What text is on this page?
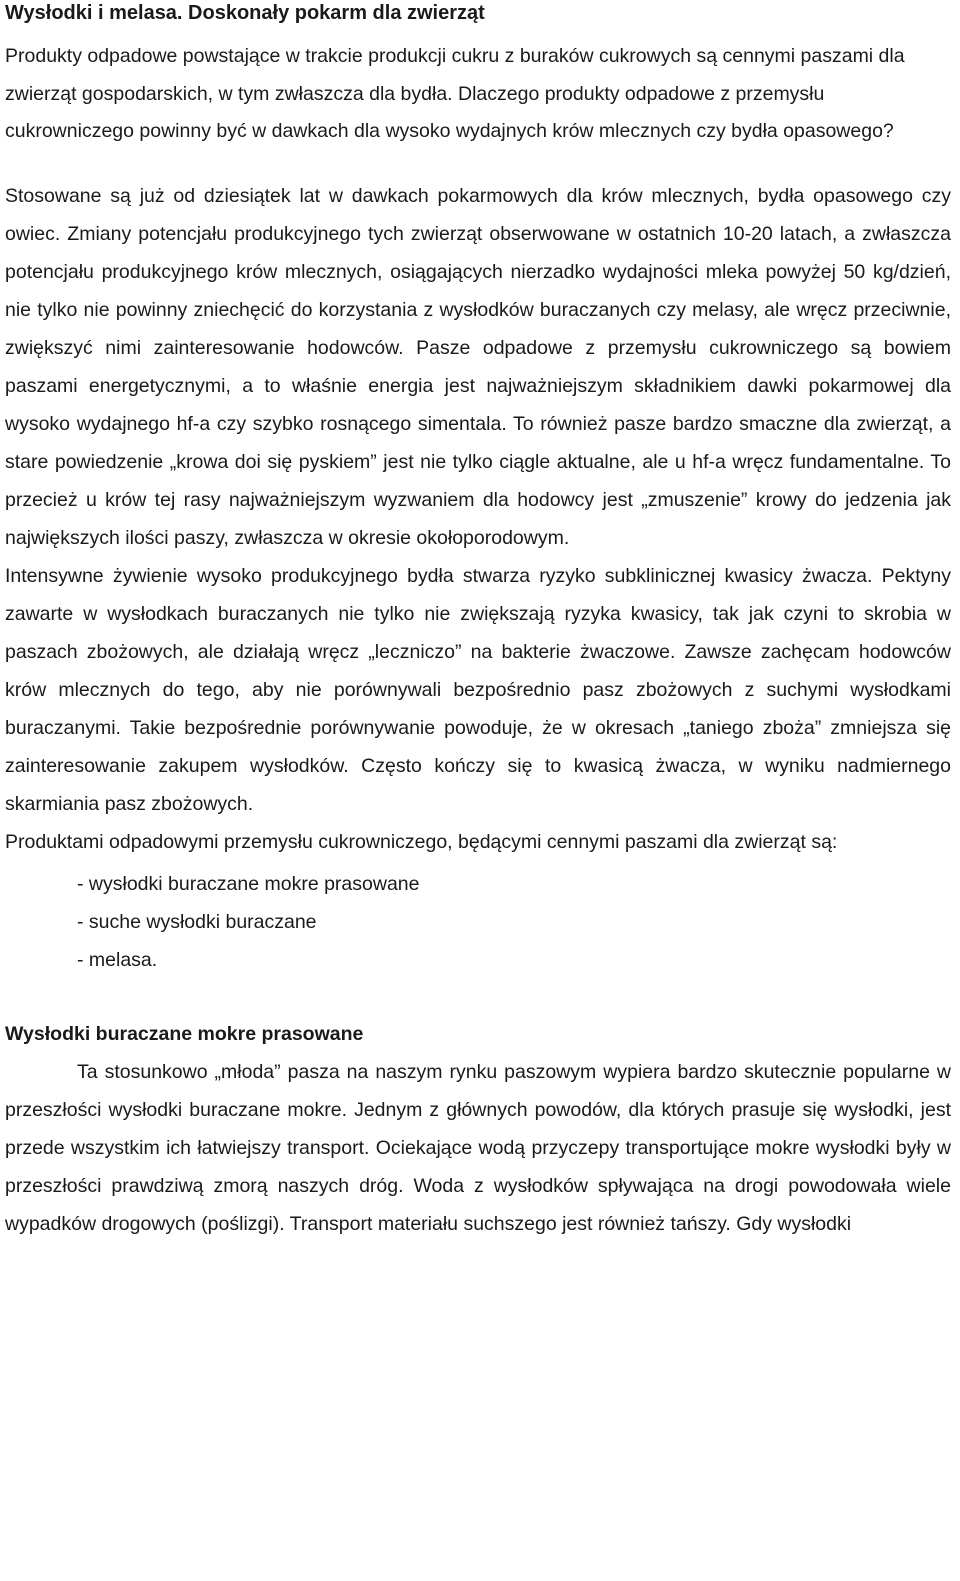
Wysłodki i melasa. Doskonały pokarm dla zwierząt

Produkty odpadowe powstające w trakcie produkcji cukru z buraków cukrowych są cennymi paszami dla zwierząt gospodarskich, w tym zwłaszcza dla bydła. Dlaczego produkty odpadowe z przemysłu cukrowniczego powinny być w dawkach dla wysoko wydajnych krów mlecznych czy bydła opasowego?

Stosowane są już od dziesiątek lat w dawkach pokarmowych dla krów mlecznych, bydła opasowego czy owiec. Zmiany potencjału produkcyjnego tych zwierząt obserwowane w ostatnich 10-20 latach, a zwłaszcza potencjału produkcyjnego krów mlecznych, osiągających nierzadko wydajności mleka powyżej 50 kg/dzień, nie tylko nie powinny zniechęcić do korzystania z wysłodków buraczanych czy melasy, ale wręcz przeciwnie, zwiększyć nimi zainteresowanie hodowców. Pasze odpadowe z przemysłu cukrowniczego są bowiem paszami energetycznymi, a to właśnie energia jest najważniejszym składnikiem dawki pokarmowej dla wysoko wydajnego hf-a czy szybko rosnącego simentala. To również pasze bardzo smaczne dla zwierząt, a stare powiedzenie „krowa doi się pyskiem” jest nie tylko ciągle aktualne, ale u hf-a wręcz fundamentalne. To przecież u krów tej rasy najważniejszym wyzwaniem dla hodowcy jest „zmuszenie” krowy do jedzenia jak największych ilości paszy, zwłaszcza w okresie okołoporodowym.

Intensywne żywienie wysoko produkcyjnego bydła stwarza ryzyko subklinicznej kwasicy żwacza. Pektyny zawarte w wysłodkach buraczanych nie tylko nie zwiększają ryzyka kwasicy, tak jak czyni to skrobia w paszach zbożowych, ale działają wręcz „leczniczo” na bakterie żwaczowe. Zawsze zachęcam hodowców krów mlecznych do tego, aby nie porównywali bezpośrednio pasz zbożowych z suchymi wysłodkami buraczanymi. Takie bezpośrednie porównywanie powoduje, że w okresach „taniego zboża” zmniejsza się zainteresowanie zakupem wysłodków. Często kończy się to kwasicą żwacza, w wyniku nadmiernego skarmiania pasz zbożowych.

Produktami odpadowymi przemysłu cukrowniczego, będącymi cennymi paszami dla zwierząt są:

- wysłodki buraczane mokre prasowane
- suche wysłodki buraczane
- melasa.

Wysłodki buraczane mokre prasowane

Ta stosunkowo „młoda” pasza na naszym rynku paszowym wypiera bardzo skutecznie popularne w przeszłości wysłodki buraczane mokre. Jednym z głównych powodów, dla których prasuje się wysłodki, jest przede wszystkim ich łatwiejszy transport. Ociekające wodą przyczepy transportujące mokre wysłodki były w przeszłości prawdziwą zmorą naszych dróg. Woda z wysłodków spływająca na drogi powodowała wiele wypadków drogowych (poślizgi). Transport materiału suchszego jest również tańszy. Gdy wysłodki
